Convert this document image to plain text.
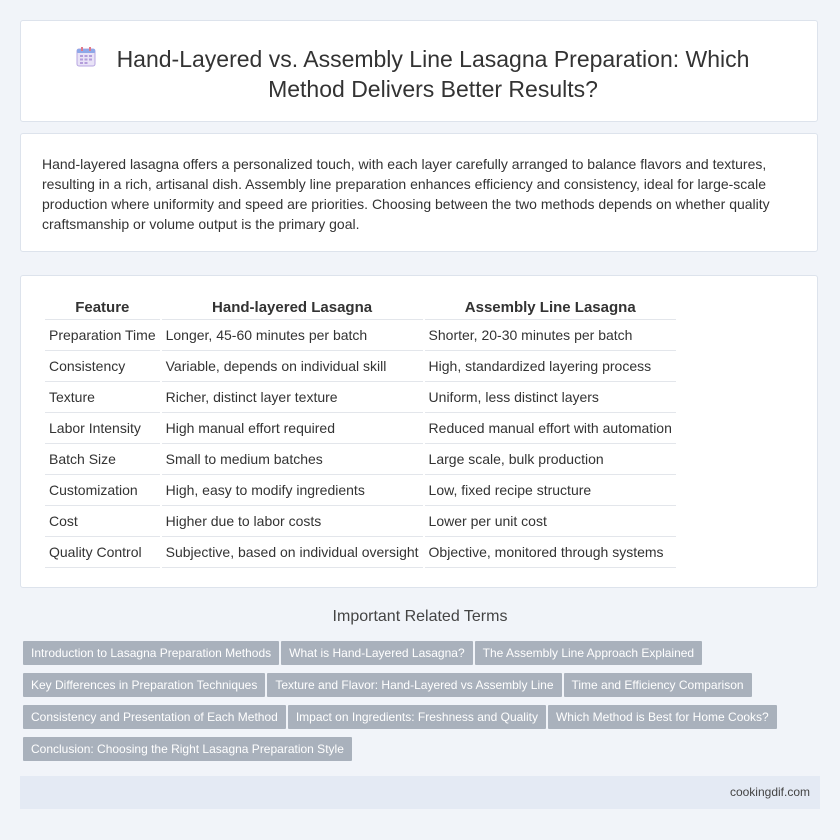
Hand-Layered vs. Assembly Line Lasagna Preparation: Which Method Delivers Better Results?

Hand-layered lasagna offers a personalized touch, with each layer carefully arranged to balance flavors and textures, resulting in a rich, artisanal dish. Assembly line preparation enhances efficiency and consistency, ideal for large-scale production where uniformity and speed are priorities. Choosing between the two methods depends on whether quality craftsmanship or volume output is the primary goal.

Feature	Hand-layered Lasagna	Assembly Line Lasagna
Preparation Time	Longer, 45-60 minutes per batch	Shorter, 20-30 minutes per batch
Consistency	Variable, depends on individual skill	High, standardized layering process
Texture	Richer, distinct layer texture	Uniform, less distinct layers
Labor Intensity	High manual effort required	Reduced manual effort with automation
Batch Size	Small to medium batches	Large scale, bulk production
Customization	High, easy to modify ingredients	Low, fixed recipe structure
Cost	Higher due to labor costs	Lower per unit cost
Quality Control	Subjective, based on individual oversight	Objective, monitored through systems
Important Related Terms
Introduction to Lasagna Preparation Methods What is Hand-Layered Lasagna? The Assembly Line Approach Explained Key Differences in Preparation Techniques Texture and Flavor: Hand-Layered vs Assembly Line Time and Efficiency Comparison Consistency and Presentation of Each Method Impact on Ingredients: Freshness and Quality Which Method is Best for Home Cooks? Conclusion: Choosing the Right Lasagna Preparation Style
cookingdif.com
